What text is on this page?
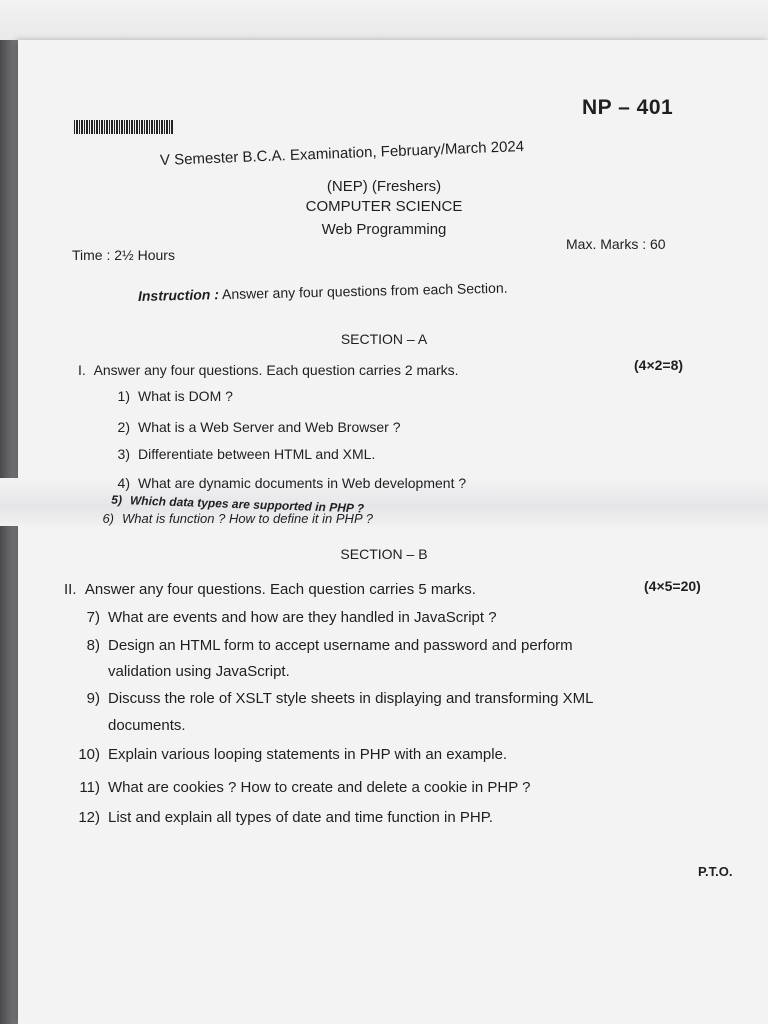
NP – 401
V Semester B.C.A. Examination, February/March 2024
(NEP) (Freshers)
COMPUTER SCIENCE
Web Programming
Time : 2½ Hours
Max. Marks : 60
Instruction : Answer any four questions from each Section.
SECTION – A
I. Answer any four questions. Each question carries 2 marks.	(4×2=8)
1) What is DOM ?
2) What is a Web Server and Web Browser ?
3) Differentiate between HTML and XML.
4) What are dynamic documents in Web development ?
5) Which data types are supported in PHP ?
6) What is function ? How to define it in PHP ?
SECTION – B
II. Answer any four questions. Each question carries 5 marks.	(4×5=20)
7) What are events and how are they handled in JavaScript ?
8) Design an HTML form to accept username and password and perform
validation using JavaScript.
9) Discuss the role of XSLT style sheets in displaying and transforming XML
documents.
10) Explain various looping statements in PHP with an example.
11) What are cookies ? How to create and delete a cookie in PHP ?
12) List and explain all types of date and time function in PHP.
P.T.O.
